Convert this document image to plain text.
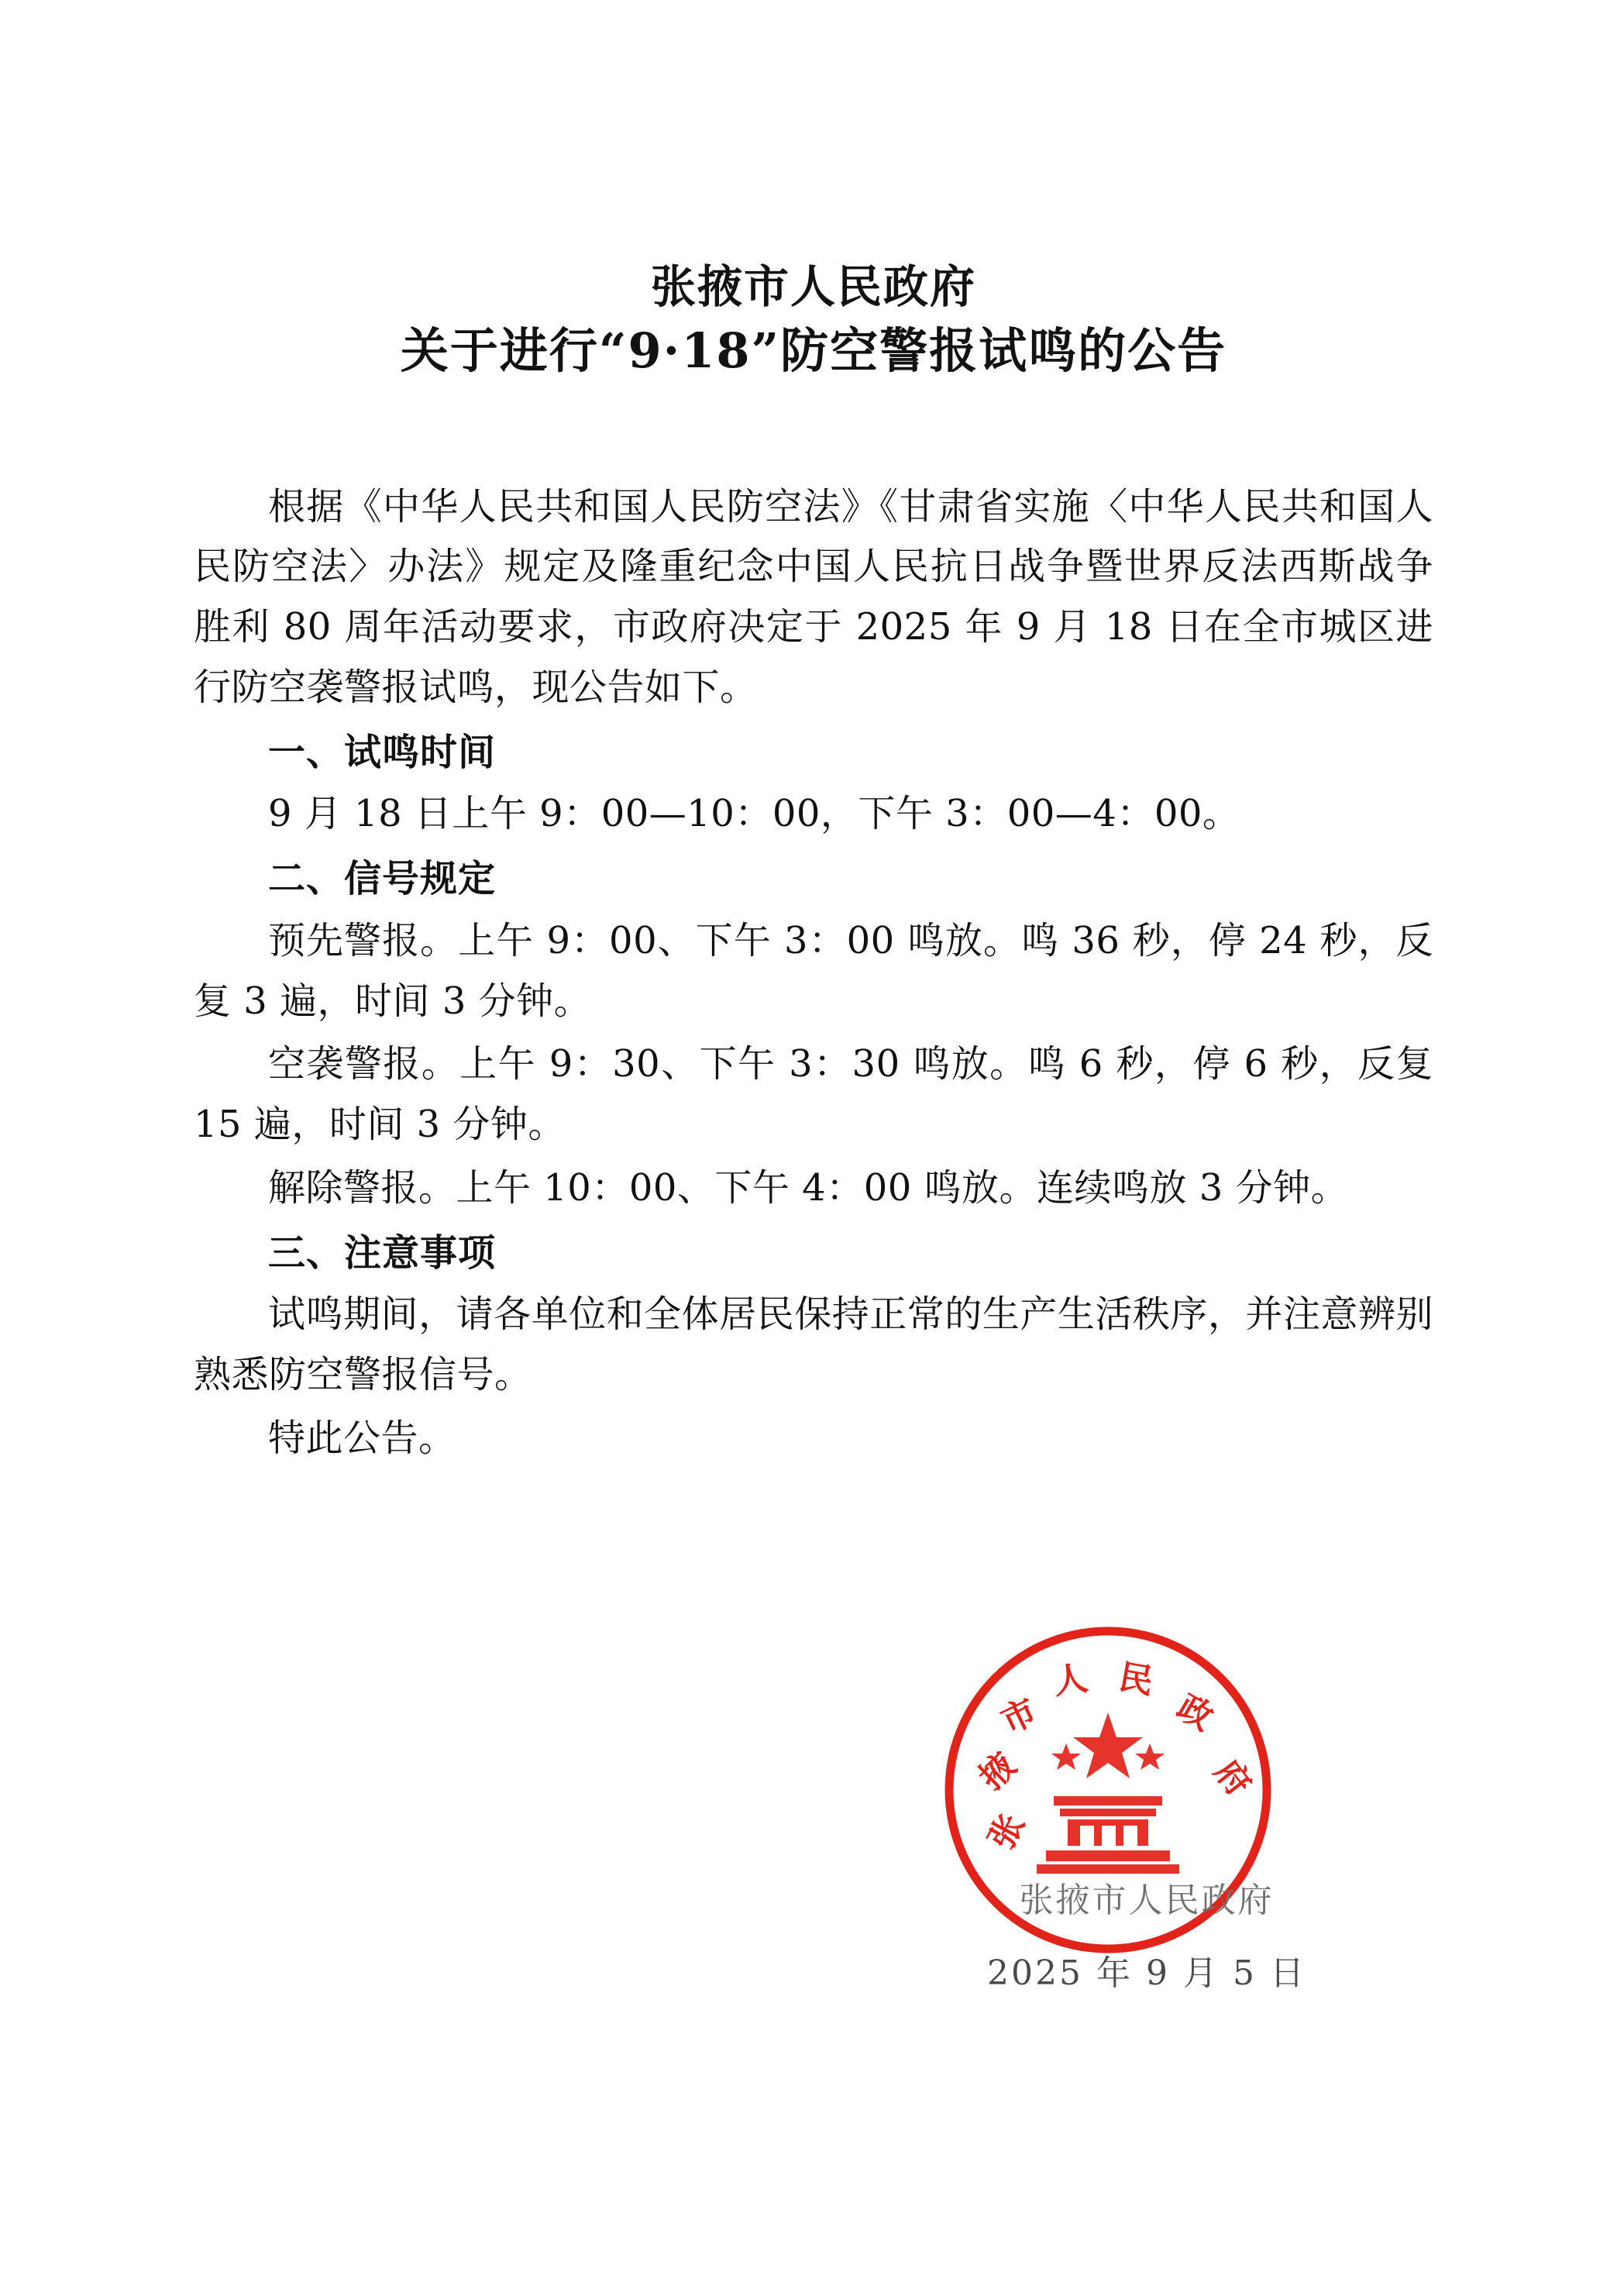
张掖市人民政府
关于进行“9·18”防空警报试鸣的公告

根据《中华人民共和国人民防空法》《甘肃省实施〈中华人民共和国人民防空法〉办法》规定及隆重纪念中国人民抗日战争暨世界反法西斯战争胜利 80 周年活动要求，市政府决定于 2025 年 9 月 18 日在全市城区进行防空袭警报试鸣，现公告如下。

一、试鸣时间

9 月 18 日上午 9：00—10：00，下午 3：00—4：00。

二、信号规定

预先警报。上午 9：00、下午 3：00 鸣放。鸣 36 秒，停 24 秒，反复 3 遍，时间 3 分钟。

空袭警报。上午 9：30、下午 3：30 鸣放。鸣 6 秒，停 6 秒，反复 15 遍，时间 3 分钟。

解除警报。上午 10：00、下午 4：00 鸣放。连续鸣放 3 分钟。

三、注意事项

试鸣期间，请各单位和全体居民保持正常的生产生活秩序，并注意辨别熟悉防空警报信号。

特此公告。

张
掖
市
人 民
政
府
张掖市人民政府
2025 年 9 月 5 日
